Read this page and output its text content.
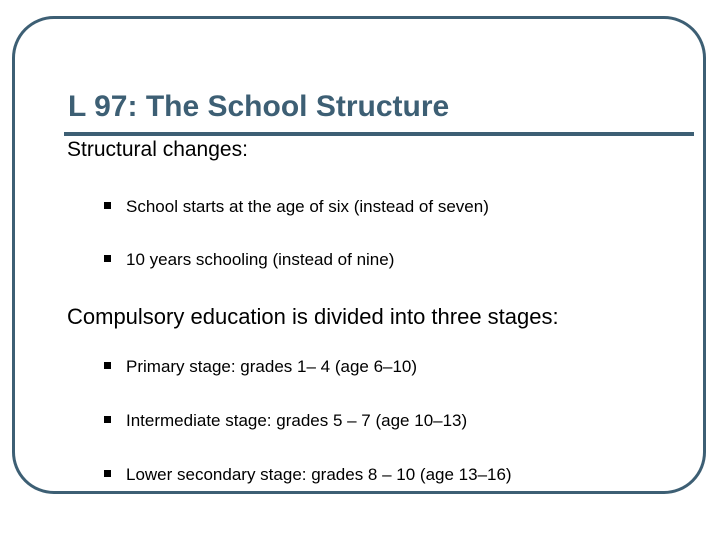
L 97: The School Structure

Structural changes:

School starts at the age of six (instead of seven)
10 years schooling (instead of nine)

Compulsory education is divided into three stages:

Primary stage: grades 1– 4 (age 6–10)
Intermediate stage: grades 5 – 7 (age 10–13)
Lower secondary stage: grades 8 – 10 (age 13–16)
